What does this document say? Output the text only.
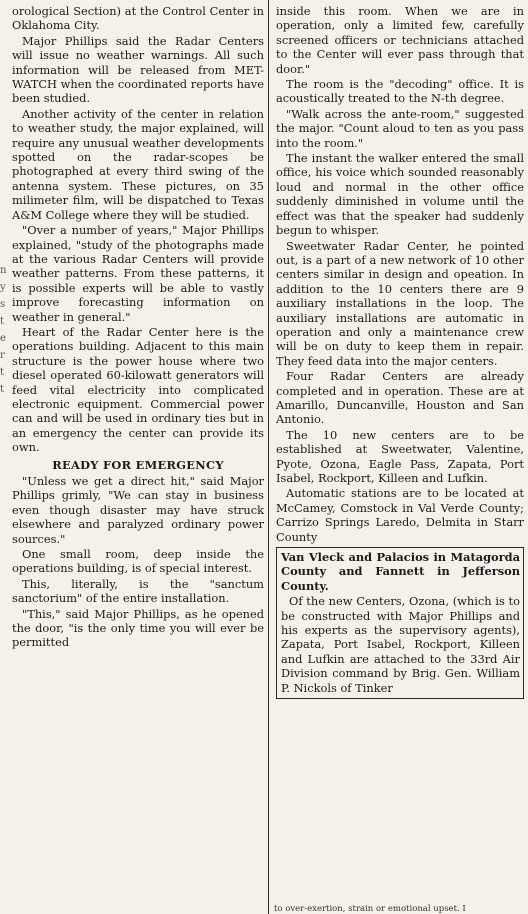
n
y
s
t
e
r
t
t

orological Section) at the Control Center in Oklahoma City.

Major Phillips said the Radar Centers will issue no weather warnings. All such information will be released from MET-WATCH when the coordinated reports have been studied.

Another activity of the center in relation to weather study, the major explained, will require any unusual weather developments spotted on the radar-scopes be photographed at every third swing of the antenna system. These pictures, on 35 milimeter film, will be dispatched to Texas A&M College where they will be studied.

"Over a number of years," Major Phillips explained, "study of the photographs made at the various Radar Centers will provide weather patterns. From these patterns, it is possible experts will be able to vastly improve forecasting information on weather in general."

Heart of the Radar Center here is the operations building. Adjacent to this main structure is the power house where two diesel operated 60-kilowatt generators will feed vital electricity into complicated electronic equipment. Commercial power can and will be used in ordinary ties but in an emergency the center can provide its own.

READY FOR EMERGENCY

"Unless we get a direct hit," said Major Phillips grimly, "We can stay in business even though disaster may have struck elsewhere and paralyzed ordinary power sources."

One small room, deep inside the operations building, is of special interest.

This, literally, is the "sanctum sanctorium" of the entire installation.

"This," said Major Phillips, as he opened the door, "is the only time you will ever be permitted

inside this room. When we are in operation, only a limited few, carefully screened officers or technicians attached to the Center will ever pass through that door."

The room is the "decoding" office. It is acoustically treated to the N-th degree.

"Walk across the ante-room," suggested the major. "Count aloud to ten as you pass into the room."

The instant the walker entered the small office, his voice which sounded reasonably loud and normal in the other office suddenly diminished in volume until the effect was that the speaker had suddenly begun to whisper.

Sweetwater Radar Center, he pointed out, is a part of a new network of 10 other centers similar in design and opeation. In addition to the 10 centers there are 9 auxiliary installations in the loop. The auxiliary installations are automatic in operation and only a maintenance crew will be on duty to keep them in repair. They feed data into the major centers.

Four Radar Centers are already completed and in operation. These are at Amarillo, Duncanville, Houston and San Antonio.

The 10 new centers are to be established at Sweetwater, Valentine, Pyote, Ozona, Eagle Pass, Zapata, Port Isabel, Rockport, Killeen and Lufkin.

Automatic stations are to be located at McCamey, Comstock in Val Verde County; Carrizo Springs Laredo, Delmita in Starr County

Van Vleck and Palacios in Matagorda County and Fannett in Jefferson County.

Of the new Centers, Ozona, (which is to be constructed with Major Phillips and his experts as the supervisory agents), Zapata, Port Isabel, Rockport, Killeen and Lufkin are attached to the 33rd Air Division command by Brig. Gen. William P. Nickols of Tinker

to over-exertion, strain or emotional upset. I
